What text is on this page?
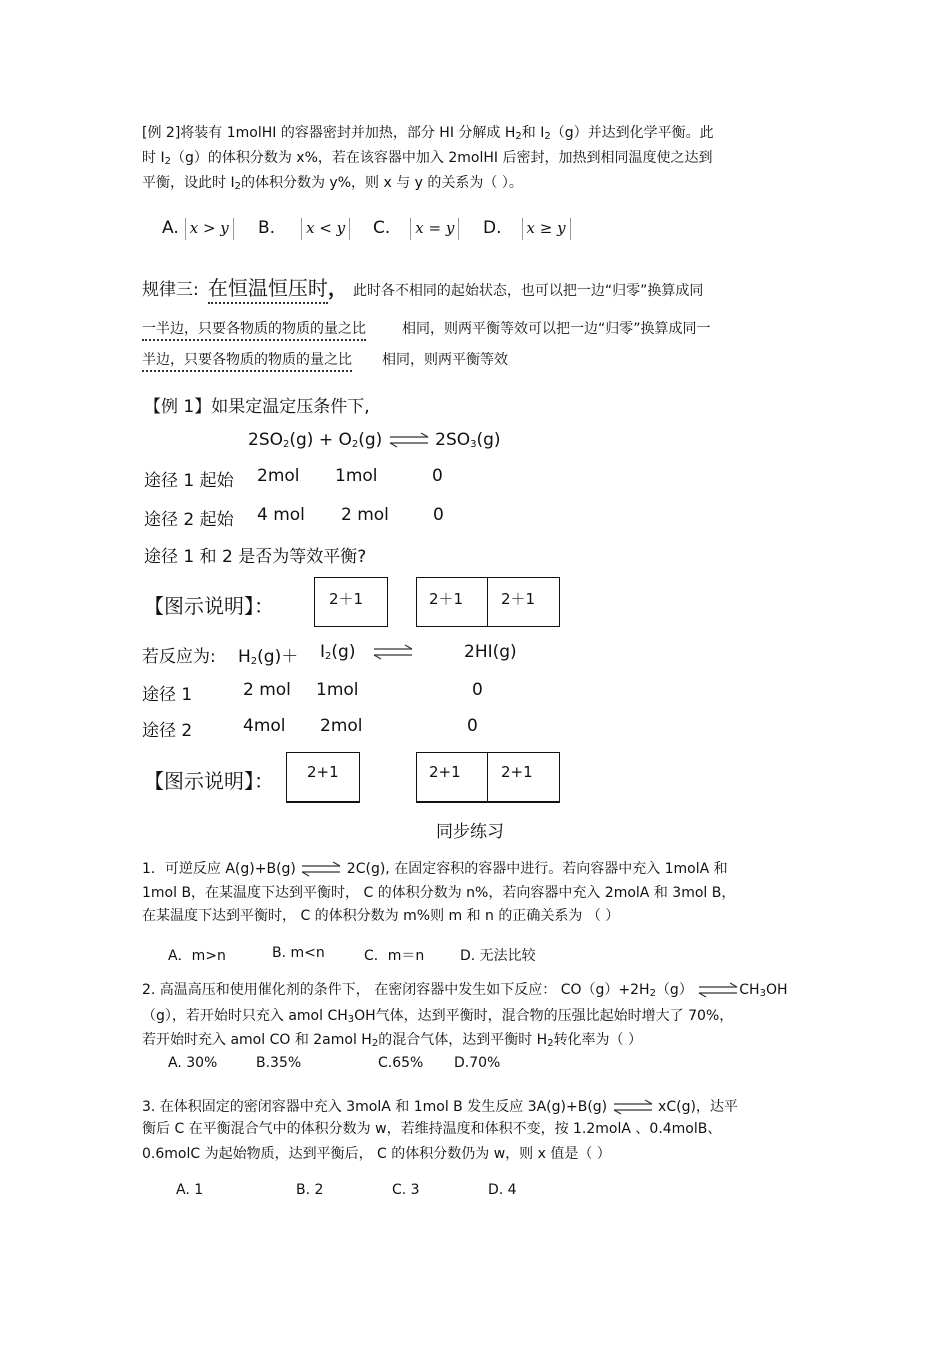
[例 2]将装有 1molHI 的容器密封并加热，部分 HI 分解成 $H_2$和 $I_2(g)$并达到化学平衡。此
时 $I_2(g)$的体积分数为 x%，若在该容器中加入 2molHI 后密封，加热到相同温度使之达到
平衡，设此时 $I_2$的体积分数为 y%，则 x 与 y 的关系为（ ）。
A. x > y B. x < y C. x = y D. x ≥ y
规律三: 在恒温恒压时， 此时各不相同的起始状态，也可以把一边“归零”换算成同
一半边，只要各物质的物质的量之比	相同，则两平衡等效可以把一边“归零”换算成同一
半边，只要各物质的物质的量之比 相同，则两平衡等效
【例 1】如果定温定压条件下,
$2SO_2(g) + O_2(g)$ ⇌ $2SO_3(g)$
途径 1 起始 2mol 1mol	0
途径 2 起始 4 mol 2 mol	0
途径 1 和 2 是否为等效平衡?
【图示说明】：	2＋1	2＋1	2＋1
若反应为: $H_2(g)+ I_2(g)$ ⇌	2HI(g)
途径 1	2 mol 1mol	0
途径 2	4mol 2mol	0
【图示说明】： 2+1	2+1	2+1
同步练习
1．可逆反应 A(g)+B(g) ⇌ 2C(g), 在固定容积的容器中进行。若向容器中充入 1molA 和
1mol B，在某温度下达到平衡时， C 的体积分数为 n%，若向容器中充入 2molA 和 3mol B，
在某温度下达到平衡时， C 的体积分数为 m%则 m 和 n 的正确关系为 （ ）
A．m>n	B. m<n	C．m＝n	D. 无法比较
2. 高温高压和使用催化剂的条件下， 在密闭容器中发生如下反应： $CO(g)+2H_2(g)$ $\rightleftharpoons CH_3OH$
（g），若开始时只充入 amol $CH_3OH$气体，达到平衡时，混合物的压强比起始时增大了 70%，
若开始时充入 amol CO 和 2amol $H_2$的混合气体，达到平衡时 $H_2$转化率为（ ）
A. 30%	B.35%	C.65% D.70%
3. 在体积固定的密闭容器中充入 3molA 和 1mol B 发生反应 3A(g)+B(g) ⇌ xC(g)，达平
衡后 C 在平衡混合气中的体积分数为 w，若维持温度和体积不变，按 1.2molA 、0.4molB、
0.6molC 为起始物质，达到平衡后， C 的体积分数仍为 w，则 x 值是（ ）
A. 1	B. 2	C. 3	D. 4
